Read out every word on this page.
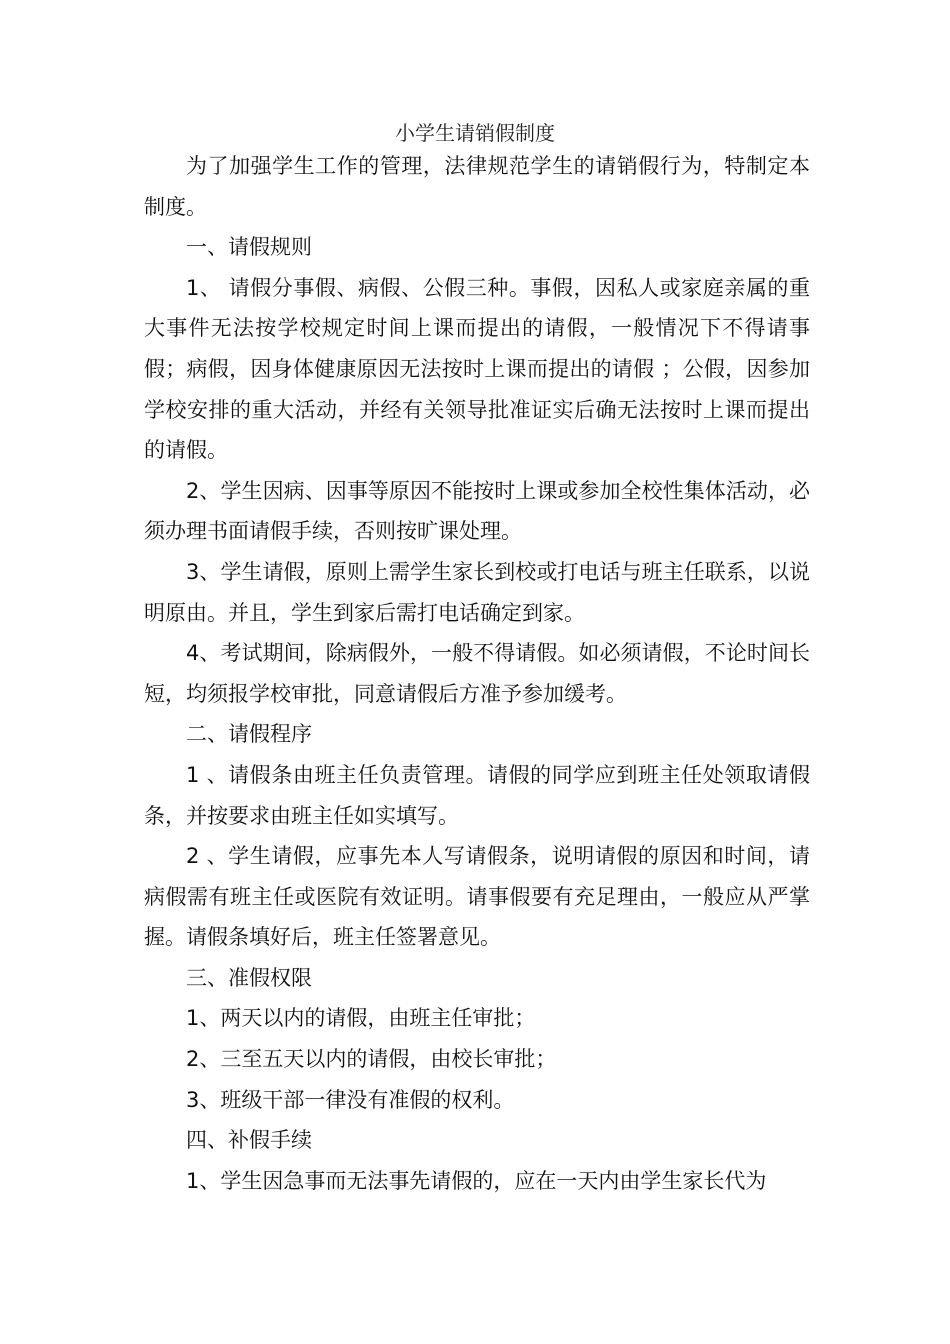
小学生请销假制度

为了加强学生工作的管理，法律规范学生的请销假行为，特制定本制度。

一、请假规则

1、 请假分事假、病假、公假三种。事假，因私人或家庭亲属的重大事件无法按学校规定时间上课而提出的请假，一般情况下不得请事假；病假，因身体健康原因无法按时上课而提出的请假 ；公假，因参加学校安排的重大活动，并经有关领导批准证实后确无法按时上课而提出的请假。

2、学生因病、因事等原因不能按时上课或参加全校性集体活动，必须办理书面请假手续，否则按旷课处理。

3、学生请假，原则上需学生家长到校或打电话与班主任联系，以说明原由。并且，学生到家后需打电话确定到家。

4、考试期间，除病假外，一般不得请假。如必须请假，不论时间长短，均须报学校审批，同意请假后方准予参加缓考。

二、请假程序

1 、请假条由班主任负责管理。请假的同学应到班主任处领取请假条，并按要求由班主任如实填写。

2 、学生请假，应事先本人写请假条，说明请假的原因和时间，请病假需有班主任或医院有效证明。请事假要有充足理由，一般应从严掌握。请假条填好后，班主任签署意见。

三、准假权限

1、两天以内的请假，由班主任审批；

2、三至五天以内的请假，由校长审批；

3、班级干部一律没有准假的权利。

四、补假手续

1、学生因急事而无法事先请假的，应在一天内由学生家长代为
